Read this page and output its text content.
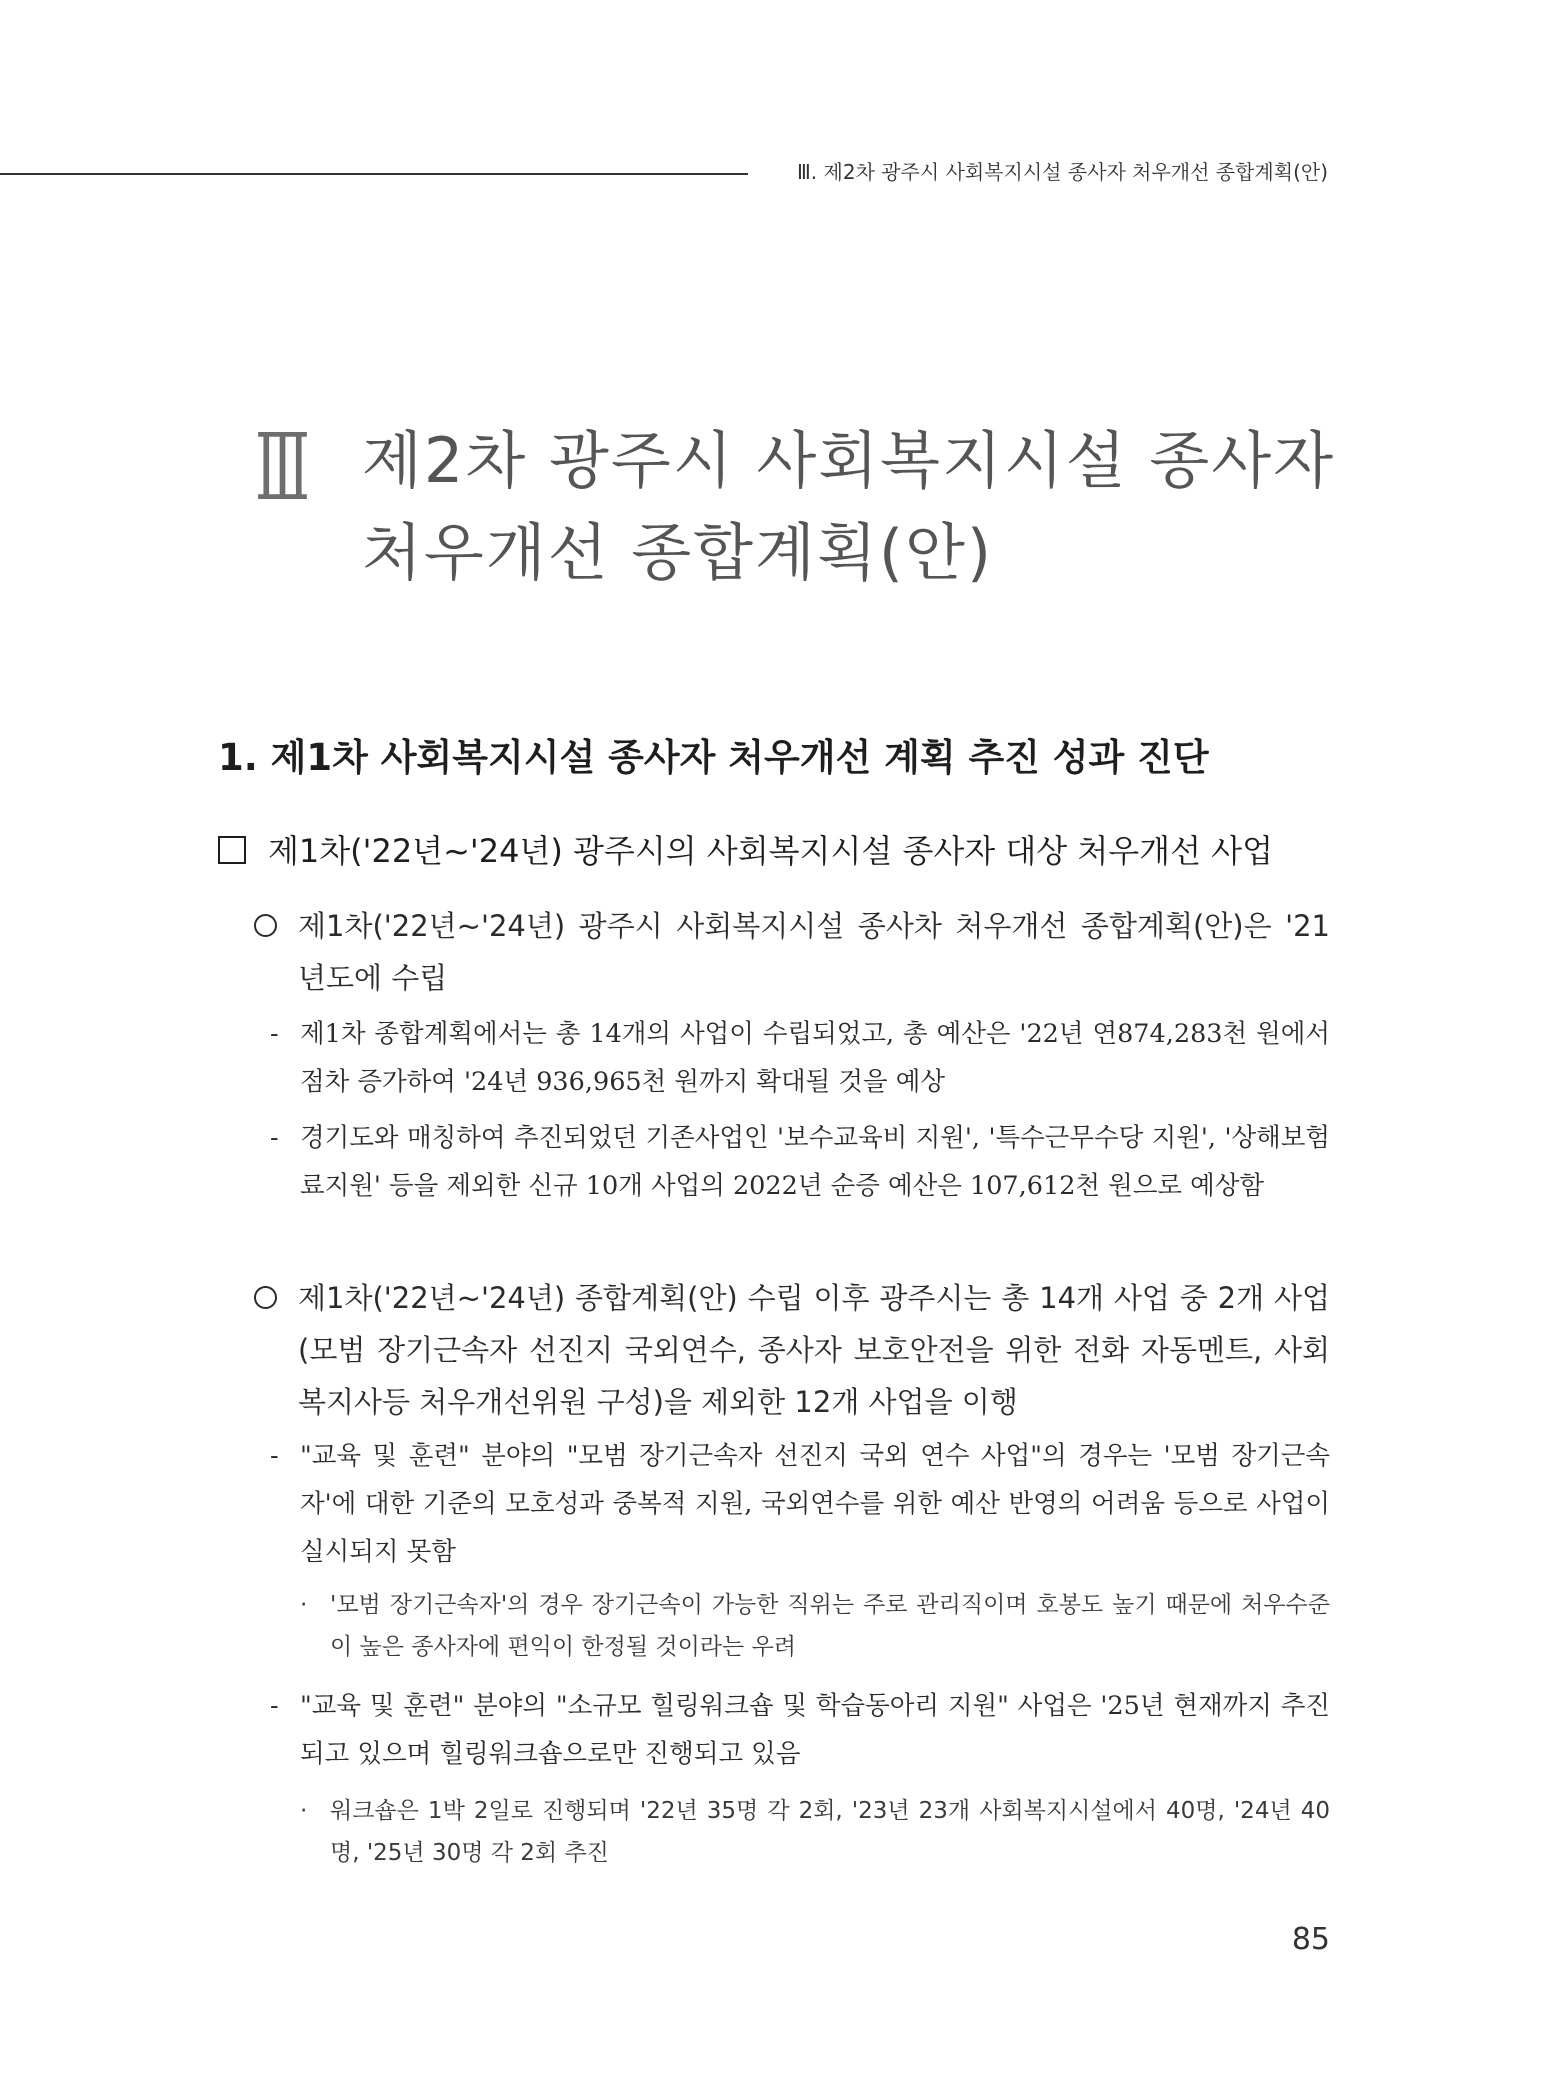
Ⅲ. 제2차 광주시 사회복지시설 종사자 처우개선 종합계획(안)
Ⅲ 제2차 광주시 사회복지시설 종사자
처우개선 종합계획(안)
1. 제1차 사회복지시설 종사자 처우개선 계획 추진 성과 진단
제1차('22년~'24년) 광주시의 사회복지시설 종사자 대상 처우개선 사업
제1차('22년~'24년) 광주시 사회복지시설 종사차 처우개선 종합계획(안)은 '21 년도에 수립
- 제1차 종합계획에서는 총 14개의 사업이 수립되었고, 총 예산은 '22년 연874,283천 원에서 점차 증가하여 '24년 936,965천 원까지 확대될 것을 예상
- 경기도와 매칭하여 추진되었던 기존사업인 '보수교육비 지원', '특수근무수당 지원', '상해보험료지원' 등을 제외한 신규 10개 사업의 2022년 순증 예산은 107,612천 원으로 예상함
제1차('22년~'24년) 종합계획(안) 수립 이후 광주시는 총 14개 사업 중 2개 사업(모범 장기근속자 선진지 국외연수, 종사자 보호안전을 위한 전화 자동멘트, 사회복지사등 처우개선위원 구성)을 제외한 12개 사업을 이행
- "교육 및 훈련" 분야의 "모범 장기근속자 선진지 국외 연수 사업"의 경우는 '모범 장기근속자'에 대한 기준의 모호성과 중복적 지원, 국외연수를 위한 예산 반영의 어려움 등으로 사업이 실시되지 못함
· '모범 장기근속자'의 경우 장기근속이 가능한 직위는 주로 관리직이며 호봉도 높기 때문에 처우수준이 높은 종사자에 편익이 한정될 것이라는 우려
- "교육 및 훈련" 분야의 "소규모 힐링워크숍 및 학습동아리 지원" 사업은 '25년 현재까지 추진되고 있으며 힐링워크숍으로만 진행되고 있음
· 워크숍은 1박 2일로 진행되며 '22년 35명 각 2회, '23년 23개 사회복지시설에서 40명, '24년 40명, '25년 30명 각 2회 추진
85
